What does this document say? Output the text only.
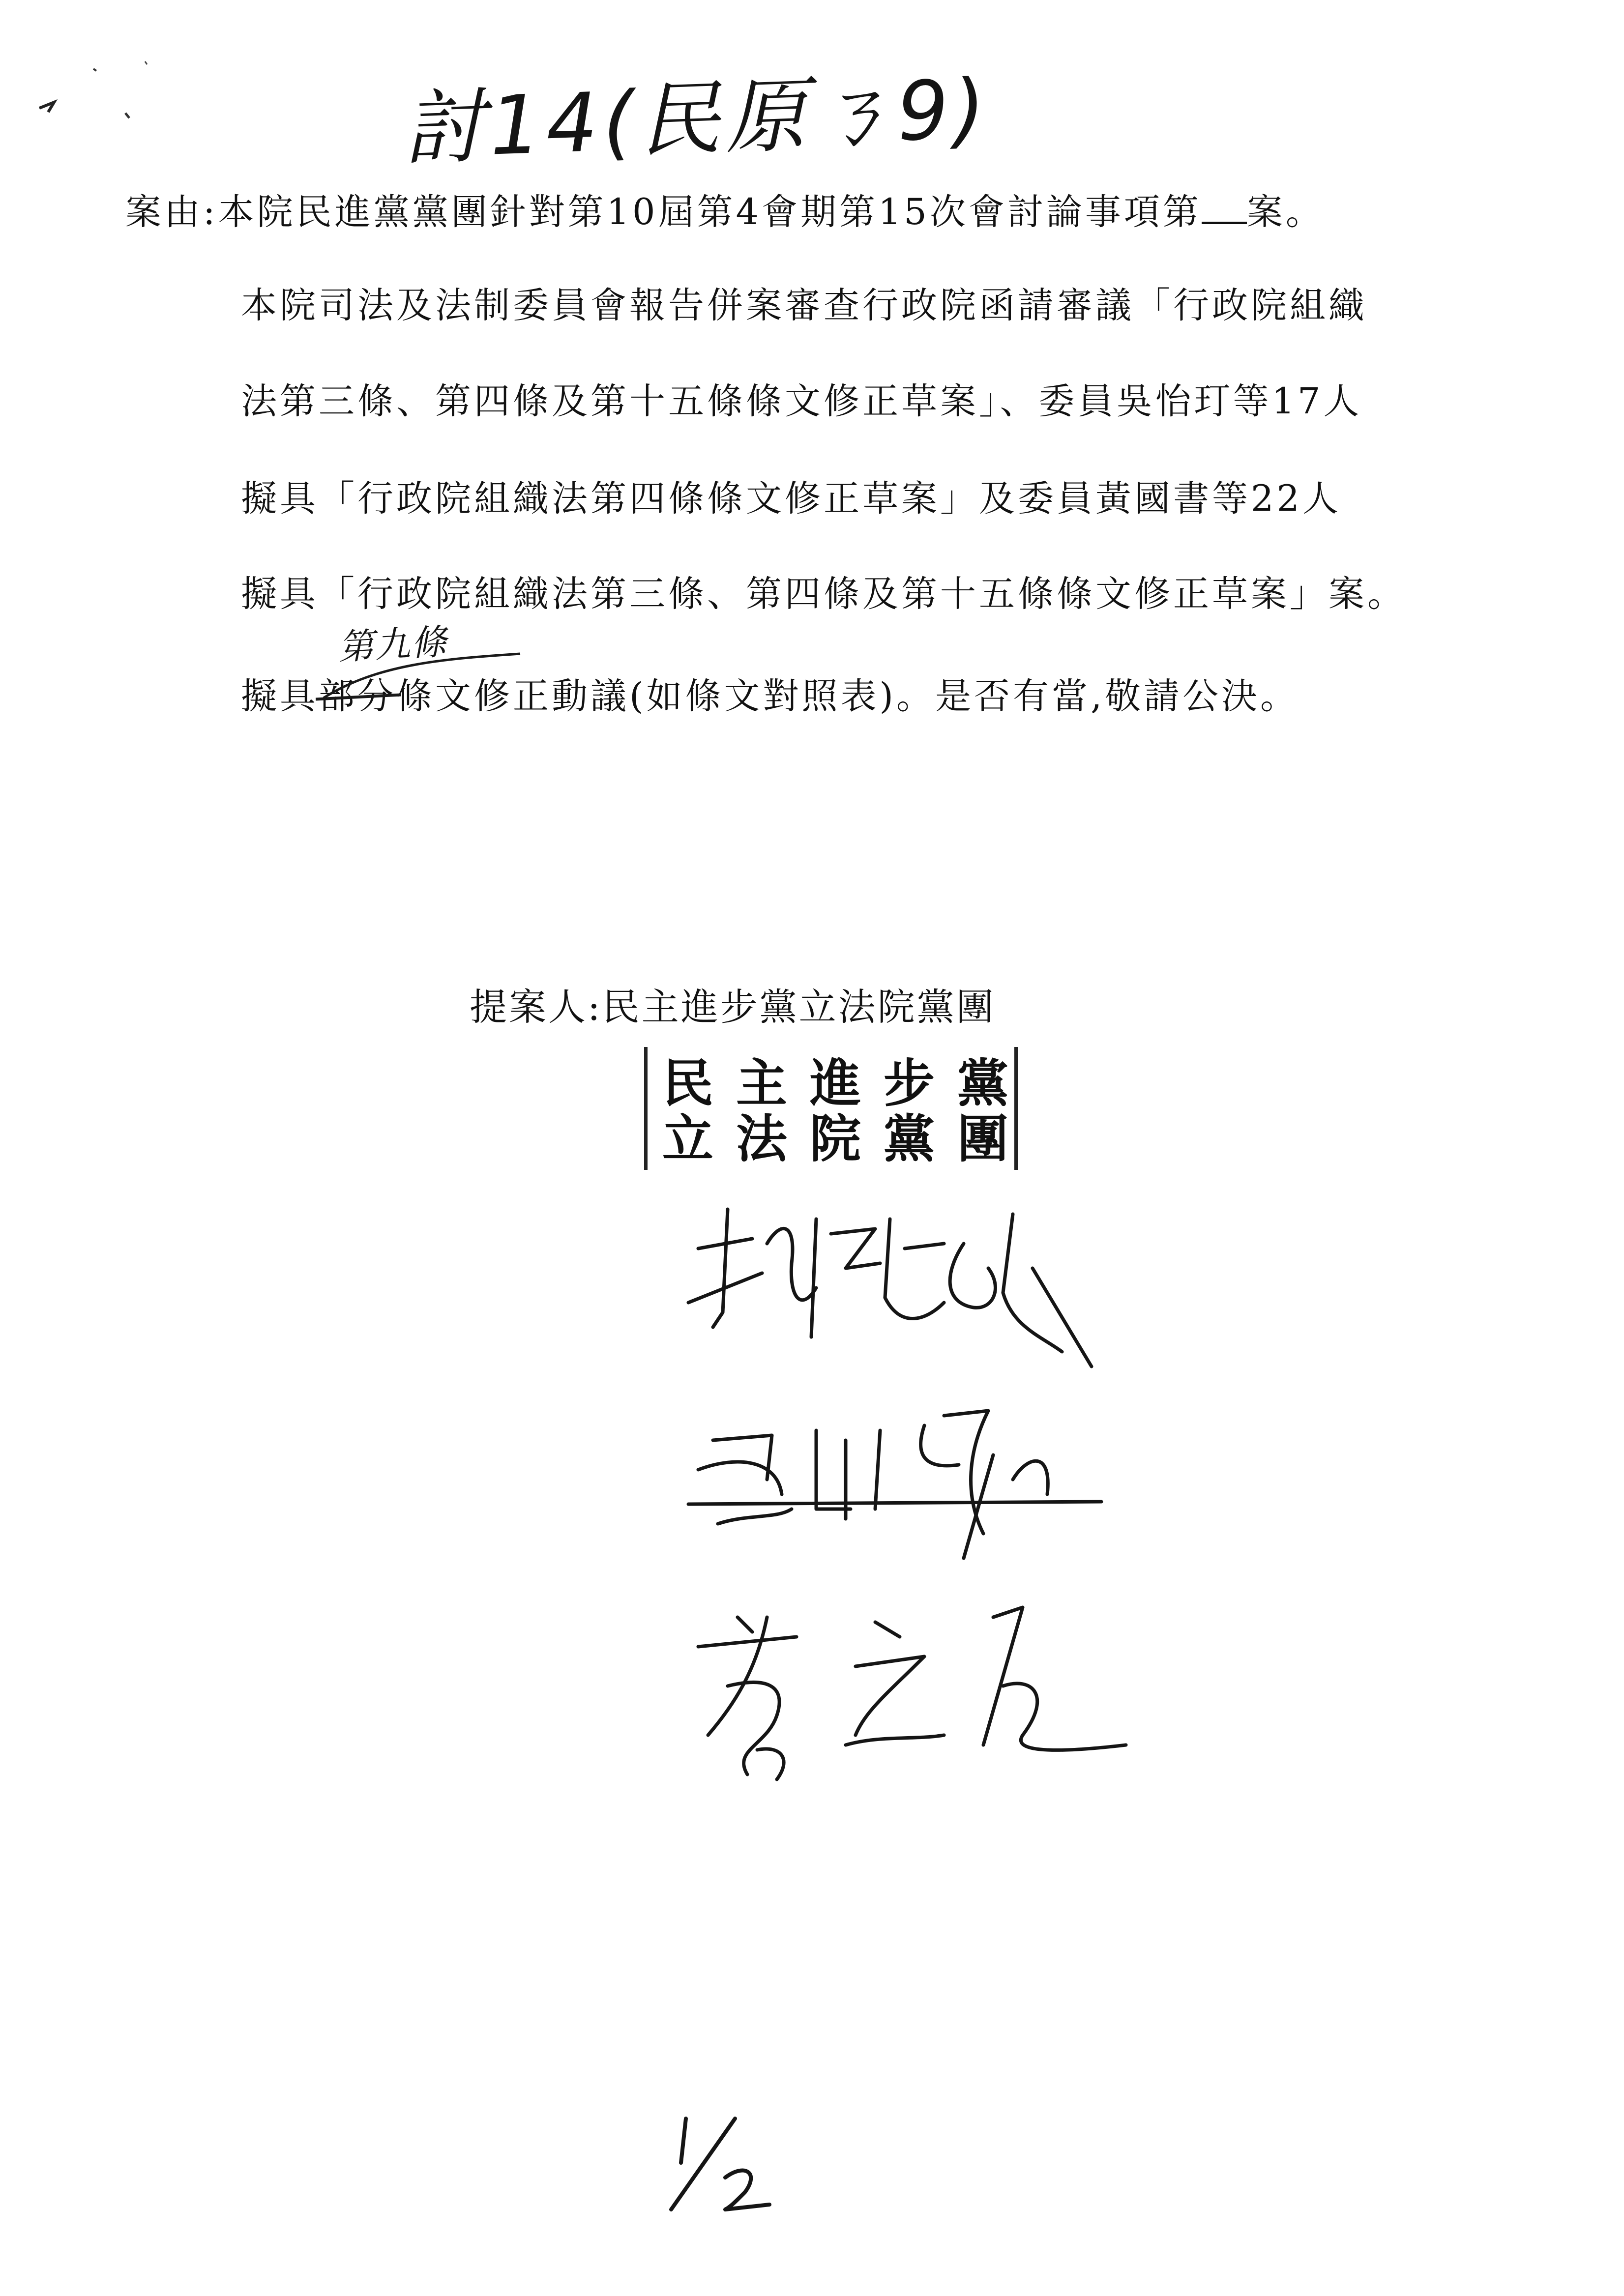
討14(民原ㄋ9)
案由:本院民進黨黨團針對第10屆第4會期第15次會討論事項第 案。
本院司法及法制委員會報告併案審查行政院函請審議「行政院組織
法第三條、第四條及第十五條條文修正草案」、委員吳怡玎等17人
擬具「行政院組織法第四條條文修正草案」及委員黃國書等22人
擬具「行政院組織法第三條、第四條及第十五條條文修正草案」案。
擬具部分
第九條
條文修正動議(如條文對照表)。是否有當,敬請公決。
提案人:民主進步黨立法院黨團
民主進步黨
立法院黨團
